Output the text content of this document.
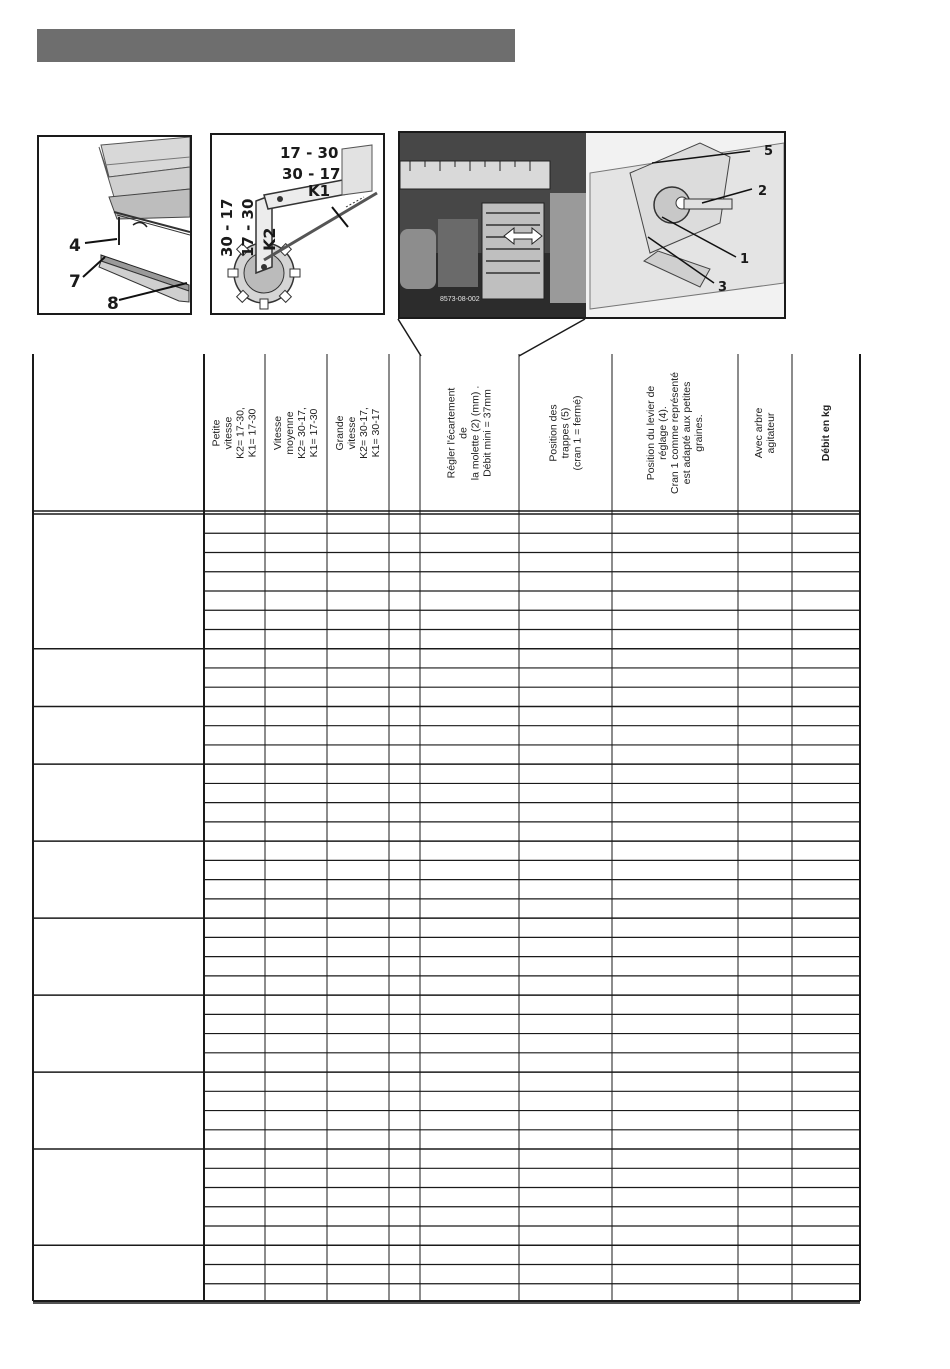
4
7
8
17 - 30
30 - 17
K1
30 - 17 17 - 30 K2
8573-08-002
5
2
1
3
Petite vitesse
K2= 17-30, K1= 17-30 Vitesse moyenne
K2= 30-17, K1= 17-30 Grande vitesse
K2= 30-17, K1= 30-17
Régler l'écartement de
la molette (2) (mm) .
Débit mini = 37mm
Position des trappes (5)
(cran 1 = fermé)
Position du levier de
réglage (4).
Cran 1 comme représenté
est adapté aux petites
graines.	Avec arbre agitateur	Débit en kg
